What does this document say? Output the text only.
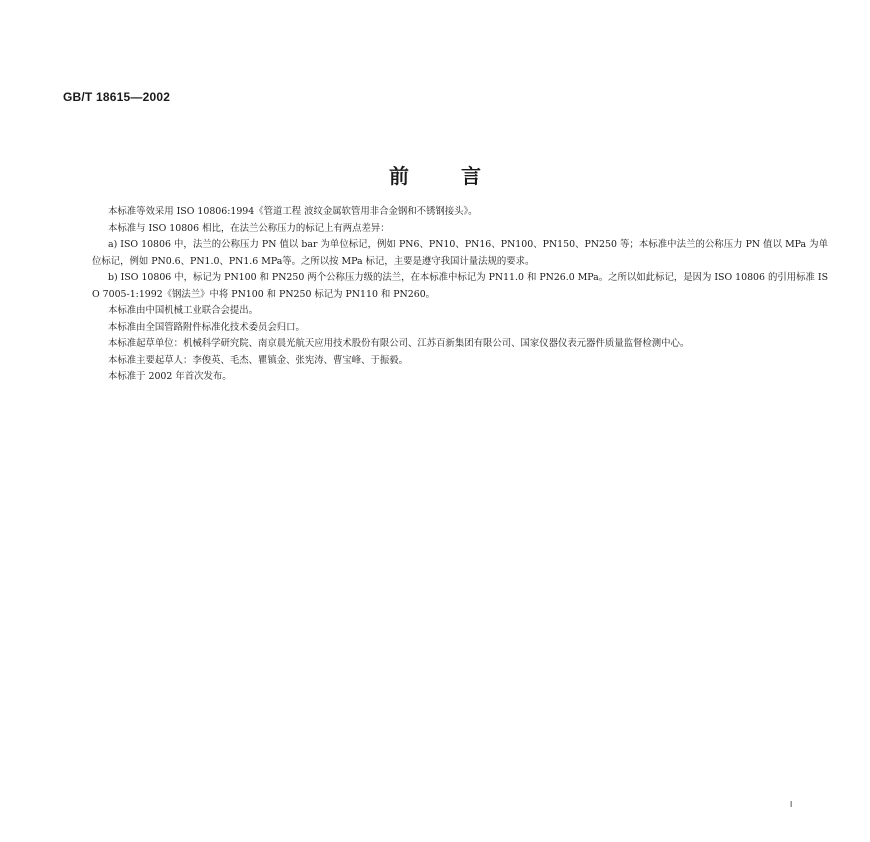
GB/T 18615—2002
前言

本标准等效采用 ISO 10806:1994《管道工程 波纹金属软管用非合金钢和不锈钢接头》。

本标准与 ISO 10806 相比，在法兰公称压力的标记上有两点差异：

a) ISO 10806 中，法兰的公称压力 PN 值以 bar 为单位标记，例如 PN6、PN10、PN16、PN100、PN150、PN250 等；本标准中法兰的公称压力 PN 值以 MPa 为单位标记，例如 PN0.6、PN1.0、PN1.6 MPa等。之所以按 MPa 标记，主要是遵守我国计量法规的要求。

b) ISO 10806 中，标记为 PN100 和 PN250 两个公称压力级的法兰，在本标准中标记为 PN11.0 和 PN26.0 MPa。之所以如此标记，是因为 ISO 10806 的引用标准 ISO 7005-1:1992《钢法兰》中将 PN100 和 PN250 标记为 PN110 和 PN260。

本标准由中国机械工业联合会提出。

本标准由全国管路附件标准化技术委员会归口。

本标准起草单位：机械科学研究院、南京晨光航天应用技术股份有限公司、江苏百新集团有限公司、国家仪器仪表元器件质量监督检测中心。

本标准主要起草人：李俊英、毛杰、瞿镇金、张宪涛、曹宝峰、于振毅。

本标准于 2002 年首次发布。

I
